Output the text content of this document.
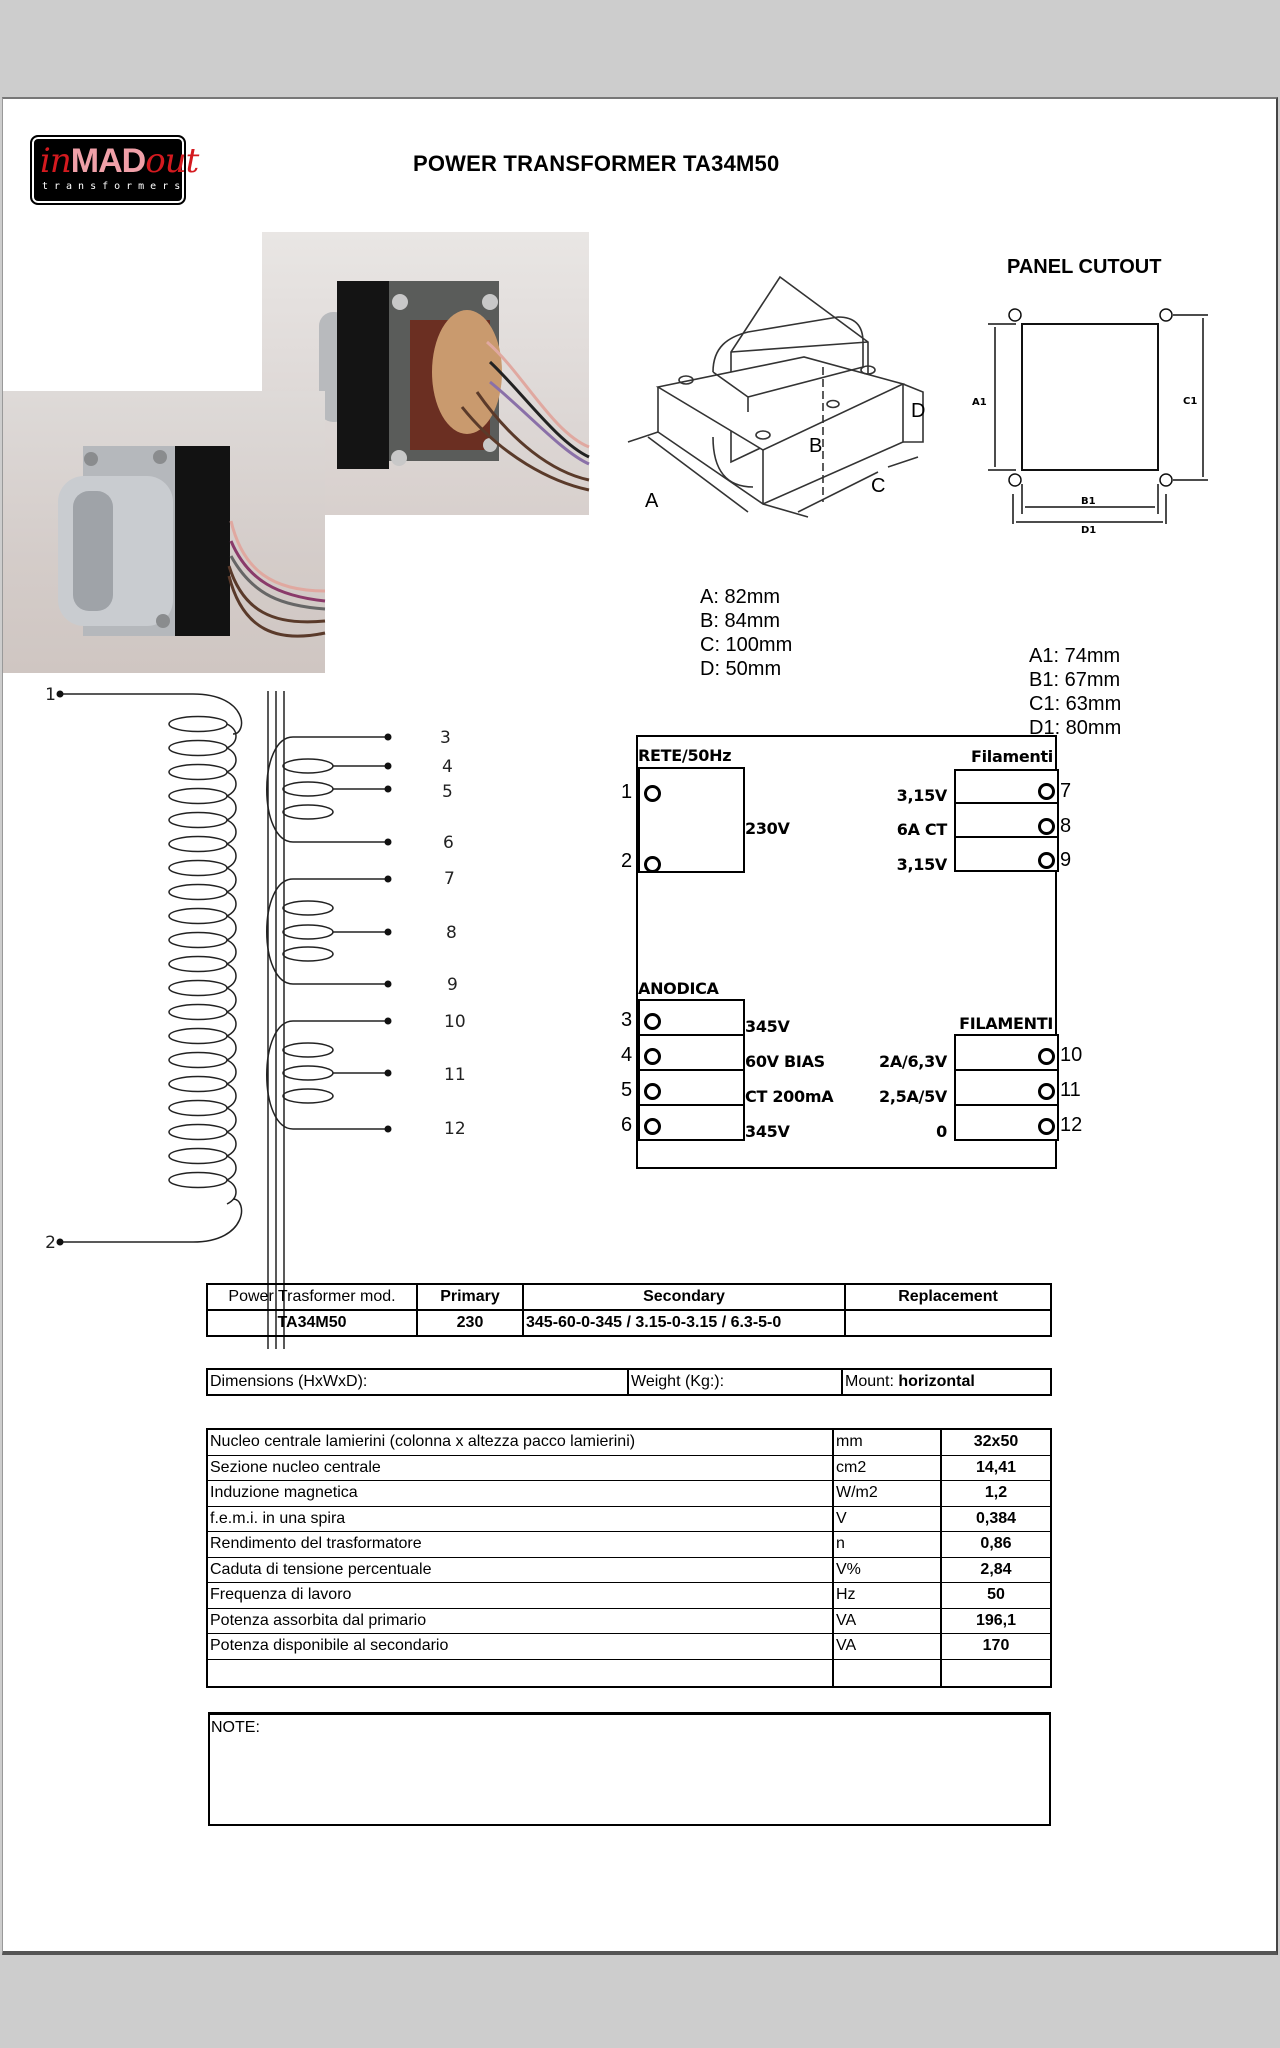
inMADout
transformers
POWER TRANSFORMER TA34M50
A
B
C
D
A: 82mm
B: 84mm
C: 100mm
D: 50mm
PANEL CUTOUT
A1	C1
B1
D1
A1: 74mm
B1: 67mm
C1: 63mm
D1: 80mm
1
2
3
4
5
6
7
8
9
10
11
12
RETE/50Hz
1
2
230V
Filamenti
3,15V
6A CT
3,15V
7
8
9
ANODICA
3
4
5
6
345V
60V BIAS
CT 200mA
345V
FILAMENTI
2A/6,3V
2,5A/5V
0
10
11
12
Power Trasformer mod.	Primary	Secondary	Replacement
TA34M50	230	345-60-0-345 / 3.15-0-3.15 / 6.3-5-0	
Dimensions (HxWxD):	Weight (Kg:):	Mount: horizontal
Nucleo centrale lamierini (colonna x altezza pacco lamierini)	mm	32x50
Sezione nucleo centrale	cm2	14,41
Induzione magnetica	W/m2	1,2
f.e.m.i. in una spira	V	0,384
Rendimento del trasformatore	n	0,86
Caduta di tensione percentuale	V%	2,84
Frequenza di lavoro	Hz	50
Potenza assorbita dal primario	VA	196,1
Potenza disponibile al secondario	VA	170

NOTE:
